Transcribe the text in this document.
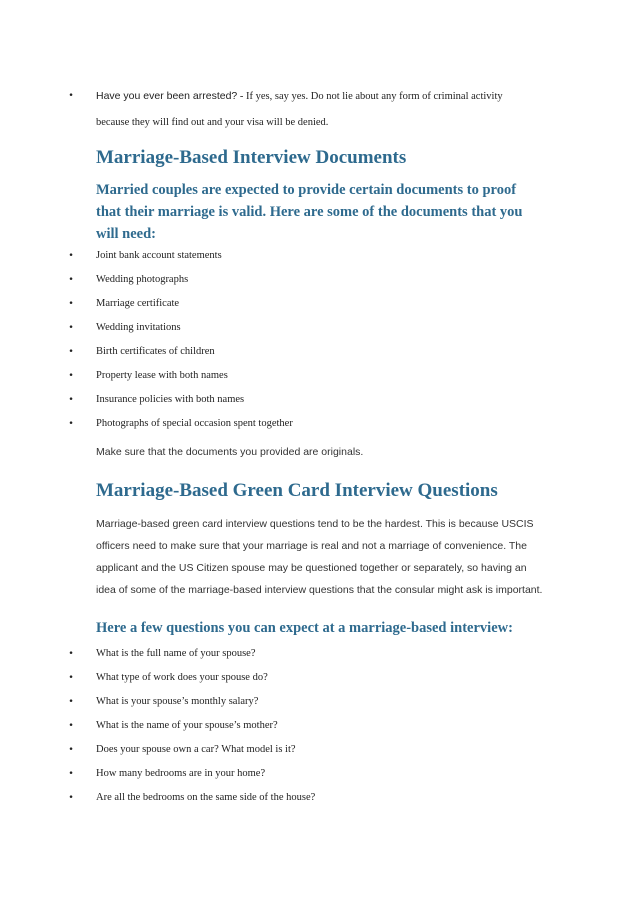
• Have you ever been arrested? - If yes, say yes. Do not lie about any form of criminal activity
because they will find out and your visa will be denied.
Marriage-Based Interview Documents
Married couples are expected to provide certain documents to proof that their marriage is valid. Here are some of the documents that you will need:
• Joint bank account statements
• Wedding photographs
• Marriage certificate
• Wedding invitations
• Birth certificates of children
• Property lease with both names
• Insurance policies with both names
• Photographs of special occasion spent together
Make sure that the documents you provided are originals.
Marriage-Based Green Card Interview Questions
Marriage-based green card interview questions tend to be the hardest. This is because USCIS officers need to make sure that your marriage is real and not a marriage of convenience. The applicant and the US Citizen spouse may be questioned together or separately, so having an idea of some of the marriage-based interview questions that the consular might ask is important.
Here a few questions you can expect at a marriage-based interview:
• What is the full name of your spouse?
• What type of work does your spouse do?
• What is your spouse’s monthly salary?
• What is the name of your spouse’s mother?
• Does your spouse own a car? What model is it?
• How many bedrooms are in your home?
• Are all the bedrooms on the same side of the house?
